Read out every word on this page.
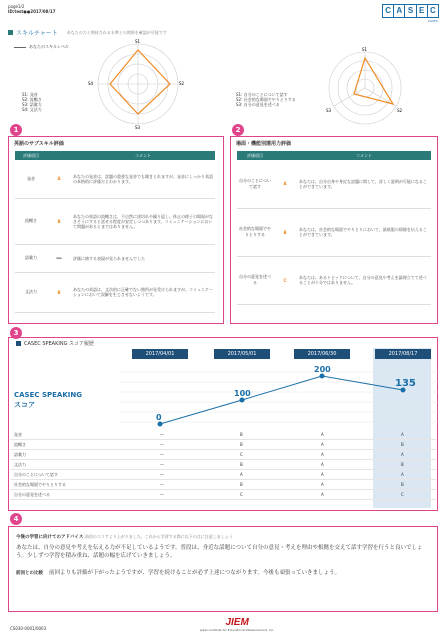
page1/2
ID:test●●2017/08/17	C A S E C
CASEC
スキルチャート あなたの力と期待される水準との関係を確認が可能です
あなたのスキルレベル
S1
S2
S3
S4
S1: 発音
S2: 流暢さ
S3: 語彙力
S4: 文法力
S1
S2
S3
S1: 自分のことについて話す
S2: 社会的な場面でやりとりする
S3: 自分の意見を述べる
1
英語のサブスキル評価
評価項目		コメント
発音	A	あなたの発音は、話題の重要な発音でも聞きとれますが、発音にしっかり英語の本格的に評価だとわかります。
流暢さ	B	あなたの英語の流暢さは、不自然に途切れや繰り返し、休止の様子の場面がなさそうにすると話せる程度が安定しつつあります。コミュニケーションにおいて問題があるとまではありません。
語彙力	—	評価に値する表現が見られませんでした
文法力	B	あなたの英語は、文法的に正確でない箇所が見受けられますが、コミュニケーションにおいて誤解を生じさせないようです。
2
場面・機能別運用力評価
評価項目		コメント
自分のことについて話す	A	あなたは、自分自身や身近な話題に関して、詳しく説明が可能になることができています。
社会的な場面でやりとりする	B	あなたは、社会的な場面でやりとりにおいて、最低限の情報を伝えることができています。
自分の意見を述べる	C	あなたは、あるトピックについて、自分の意見や考えを論理立てて述べることが十分ではありません。
3
CASEC SPEAKING スコア履歴
2017/04/01	2017/05/01	2017/06/30	2017/08/17
CASEC SPEAKING スコア
0
100
200
135
発音	—	B	A	A
流暢さ	—	B	A	B
語彙力	—	C	A	A
文法力	—	B	A	B
自分のことについて話す	—	A	A	A
社会的な場面でやりとりする	—	B	A	B
自分の意見を述べる	—	C	A	C
4
今後の学習に向けてのアドバイス 前回のスコアより上がりました。これから学習する際に以下の点に注意しましょう
あなたは、自分の意見や考えを伝える力が不足しているようです。普段は、身近な話題について自分の意見・考えを理由や根拠を交えて話す学習を行うと良いでしょう。少しずつ学習を積み重ね、話題の幅を広げていきましょう。
前回との比較 前回よりも評価が下がったようですが、学習を続けることが必ず上達につながります。今後も頑張っていきましょう。
CS030-0001/0003
JIEM
Japan Institute for Educational Measurement, Inc.
